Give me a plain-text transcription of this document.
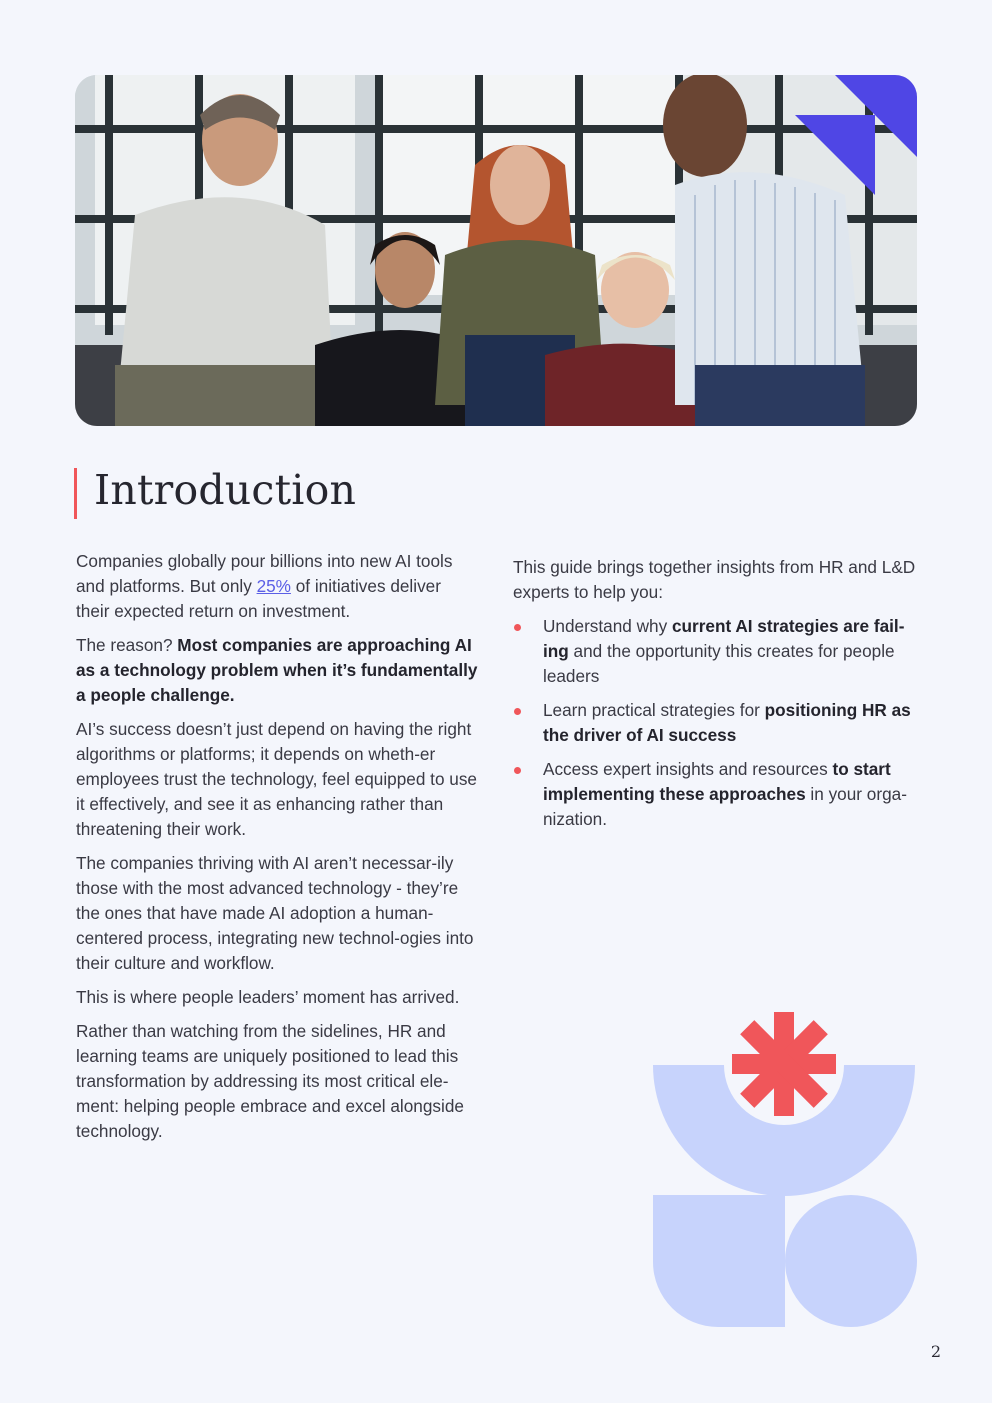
Introduction

Companies globally pour billions into new AI tools and platforms. But only 25% of initiatives deliver their expected return on investment.

The reason? Most companies are approaching AI as a technology problem when it’s fundamentally a people challenge.

AI’s success doesn’t just depend on having the right algorithms or platforms; it depends on wheth-er employees trust the technology, feel equipped to use it effectively, and see it as enhancing rather than threatening their work.

The companies thriving with AI aren’t necessar-ily those with the most advanced technology - they’re the ones that have made AI adoption a human-centered process, integrating new technol-ogies into their culture and workflow.

This is where people leaders’ moment has arrived.

Rather than watching from the sidelines, HR and learning teams are uniquely positioned to lead this transformation by addressing its most critical ele-ment: helping people embrace and excel alongside technology.

This guide brings together insights from HR and L&D experts to help you:

Understand why current AI strategies are fail-ing and the opportunity this creates for people leaders
Learn practical strategies for positioning HR as the driver of AI success
Access expert insights and resources to start implementing these approaches in your orga-nization.
2
